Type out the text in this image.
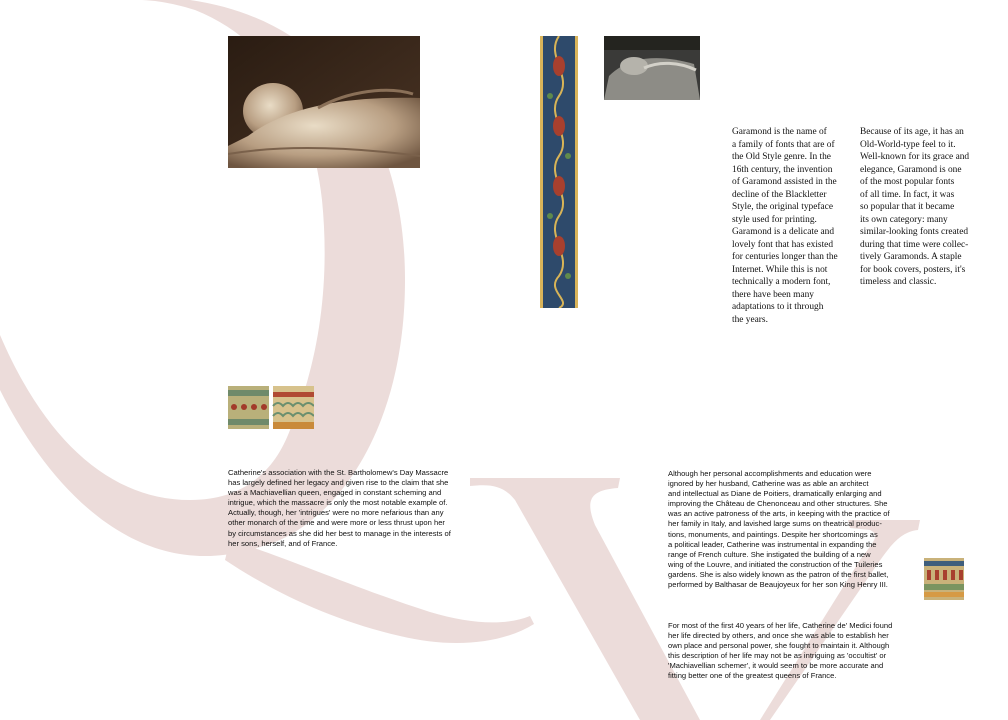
Garamond is the name of
a family of fonts that are of
the Old Style genre. In the
16th century, the invention
of Garamond assisted in the
decline of the Blackletter
Style, the original typeface
style used for printing.
Garamond is a delicate and
lovely font that has existed
for centuries longer than the
Internet. While this is not
technically a modern font,
there have been many
adaptations to it through
the years.
Because of its age, it has an
Old-World-type feel to it.
Well-known for its grace and
elegance, Garamond is one
of the most popular fonts
of all time. In fact, it was
so popular that it became
its own category: many
similar-looking fonts created
during that time were collec-
tively Garamonds. A staple
for book covers, posters, it's
timeless and classic.
Catherine's association with the St. Bartholomew's Day Massacre
has largely defined her legacy and given rise to the claim that she
was a Machiavellian queen, engaged in constant scheming and
intrigue, which the massacre is only the most notable example of.
Actually, though, her 'intrigues' were no more nefarious than any
other monarch of the time and were more or less thrust upon her
by circumstances as she did her best to manage in the interests of
her sons, herself, and of France.
Although her personal accomplishments and education were
ignored by her husband, Catherine was as able an architect
and intellectual as Diane de Poitiers, dramatically enlarging and
improving the Château de Chenonceau and other structures. She
was an active patroness of the arts, in keeping with the practice of
her family in Italy, and lavished large sums on theatrical produc-
tions, monuments, and paintings. Despite her shortcomings as
a political leader, Catherine was instrumental in expanding the
range of French culture. She instigated the building of a new
wing of the Louvre, and initiated the construction of the Tuileries
gardens. She is also widely known as the patron of the first ballet,
performed by Balthasar de Beaujoyeux for her son King Henry III.
For most of the first 40 years of her life, Catherine de' Medici found
her life directed by others, and once she was able to establish her
own place and personal power, she fought to maintain it. Although
this description of her life may not be as intriguing as 'occultist' or
'Machiavellian schemer', it would seem to be more accurate and
fitting better one of the greatest queens of France.
